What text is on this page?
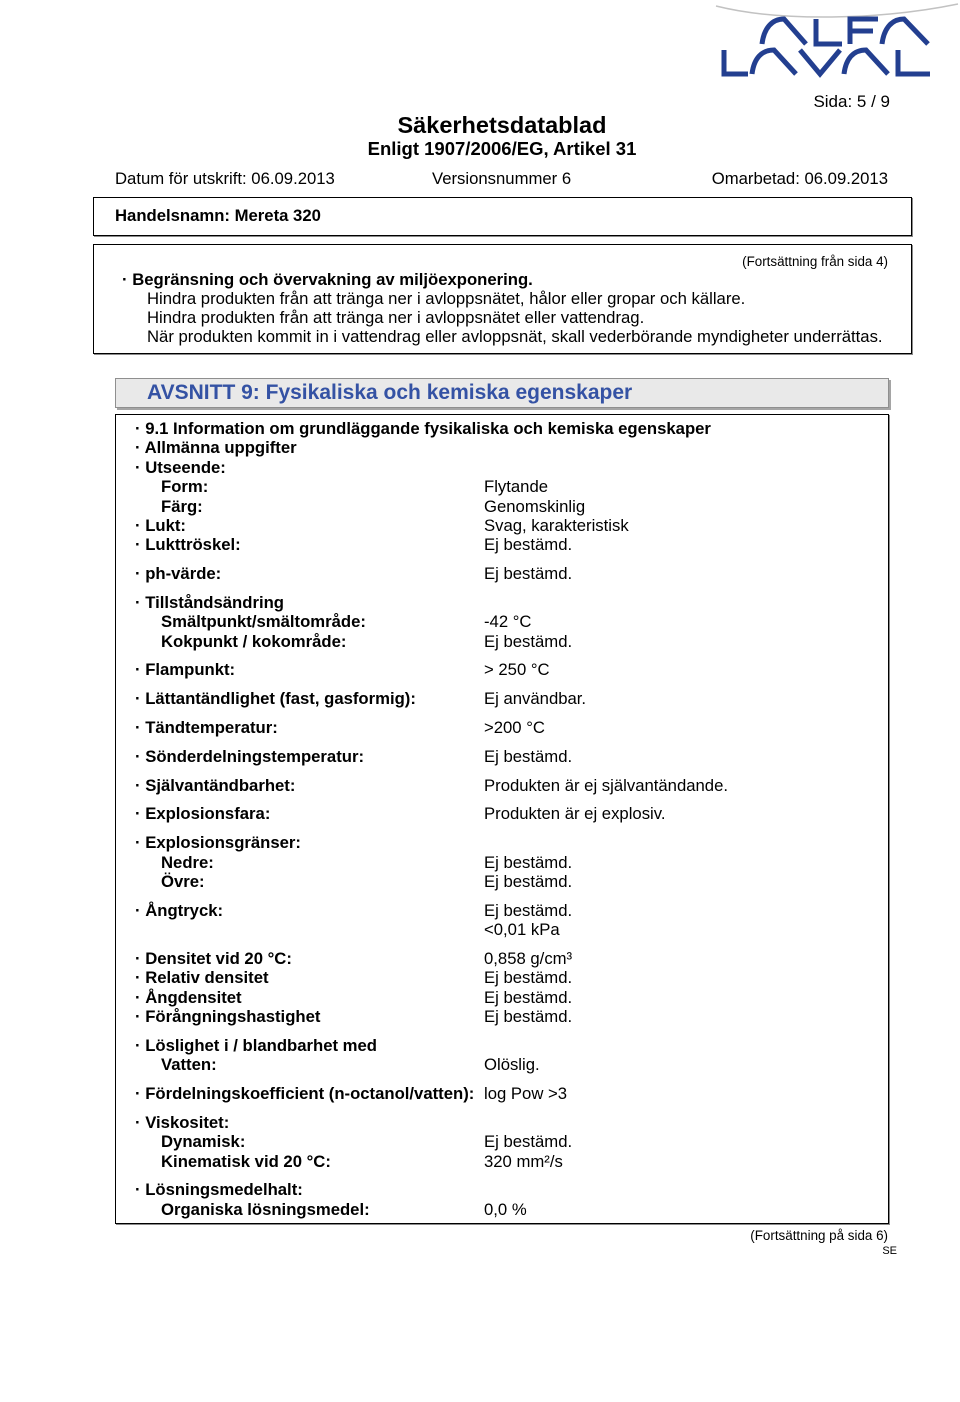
Sida: 5 / 9
Säkerhetsdatablad
Enligt 1907/2006/EG, Artikel 31
Datum för utskrift: 06.09.2013	Versionsnummer 6	Omarbetad: 06.09.2013
Handelsnamn: Mereta 320
(Fortsättning från sida 4)
· Begränsning och övervakning av miljöexponering.
Hindra produkten från att tränga ner i avloppsnätet, hålor eller gropar och källare.
Hindra produkten från att tränga ner i avloppsnätet eller vattendrag.
När produkten kommit in i vattendrag eller avloppsnät, skall vederbörande myndigheter underrättas.
AVSNITT 9: Fysikaliska och kemiska egenskaper
· 9.1 Information om grundläggande fysikaliska och kemiska egenskaper
· Allmänna uppgifter
· Utseende:
Form:	Flytande
Färg:	Genomskinlig
· Lukt:	Svag, karakteristisk
· Lukttröskel:	Ej bestämd.
· ph-värde:	Ej bestämd.
· Tillståndsändring
Smältpunkt/smältområde:	-42 °C
Kokpunkt / kokområde:	Ej bestämd.
· Flampunkt:	> 250 °C
· Lättantändlighet (fast, gasformig):	Ej användbar.
· Tändtemperatur:	>200 °C
· Sönderdelningstemperatur:	Ej bestämd.
· Självantändbarhet:	Produkten är ej självantändande.
· Explosionsfara:	Produkten är ej explosiv.
· Explosionsgränser:
Nedre:	Ej bestämd.
Övre:	Ej bestämd.
· Ångtryck:	Ej bestämd.
<0,01 kPa
· Densitet vid 20 °C:	0,858 g/cm³
· Relativ densitet	Ej bestämd.
· Ångdensitet	Ej bestämd.
· Förångningshastighet	Ej bestämd.
· Löslighet i / blandbarhet med
Vatten:	Olöslig.
· Fördelningskoefficient (n-octanol/vatten): log Pow >3
· Viskositet:
Dynamisk:	Ej bestämd.
Kinematisk vid 20 °C:	320 mm²/s
· Lösningsmedelhalt:
Organiska lösningsmedel:	0,0 %
(Fortsättning på sida 6)
SE
